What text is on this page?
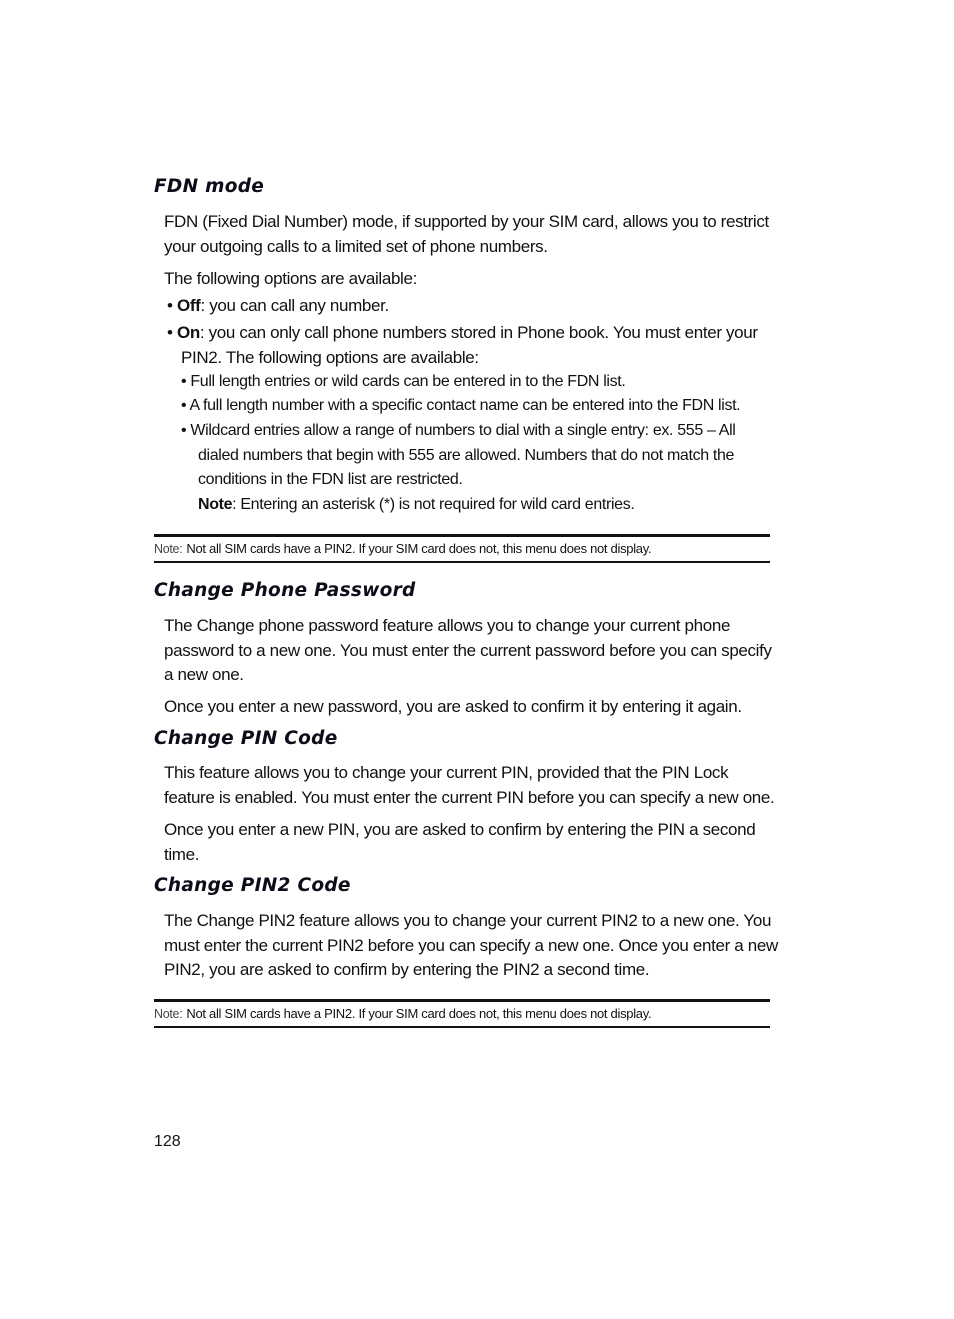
FDN mode

FDN (Fixed Dial Number) mode, if supported by your SIM card, allows you to restrict
your outgoing calls to a limited set of phone numbers.

The following options are available:

• Off: you can call any number.

• On: you can only call phone numbers stored in Phone book. You must enter your
PIN2. The following options are available:

• Full length entries or wild cards can be entered in to the FDN list.

• A full length number with a specific contact name can be entered into the FDN list.

• Wildcard entries allow a range of numbers to dial with a single entry: ex. 555 – All
dialed numbers that begin with 555 are allowed. Numbers that do not match the
conditions in the FDN list are restricted.
Note: Entering an asterisk (*) is not required for wild card entries.

Note: Not all SIM cards have a PIN2. If your SIM card does not, this menu does not display.
Change Phone Password

The Change phone password feature allows you to change your current phone
password to a new one. You must enter the current password before you can specify
a new one.

Once you enter a new password, you are asked to confirm it by entering it again.

Change PIN Code

This feature allows you to change your current PIN, provided that the PIN Lock
feature is enabled. You must enter the current PIN before you can specify a new one.

Once you enter a new PIN, you are asked to confirm by entering the PIN a second
time.

Change PIN2 Code

The Change PIN2 feature allows you to change your current PIN2 to a new one. You
must enter the current PIN2 before you can specify a new one. Once you enter a new
PIN2, you are asked to confirm by entering the PIN2 a second time.

Note: Not all SIM cards have a PIN2. If your SIM card does not, this menu does not display.

128
